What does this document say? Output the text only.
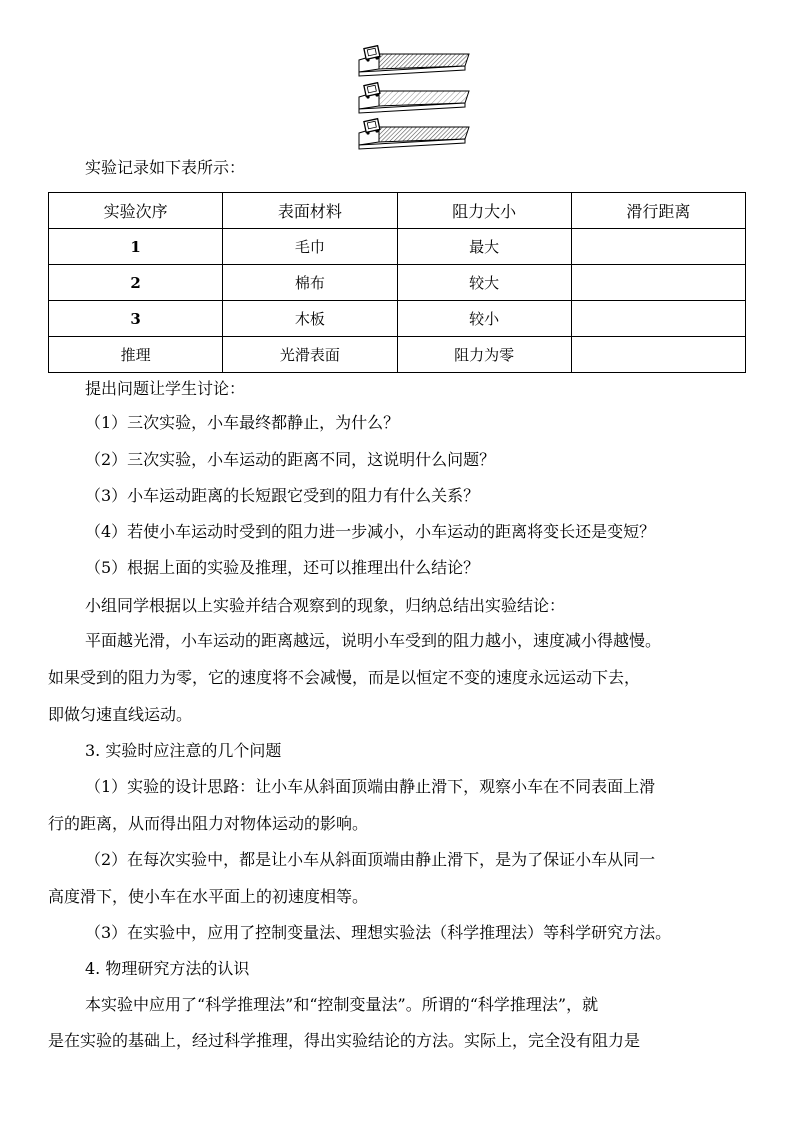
实验记录如下表所示：
实验次序	表面材料	阻力大小	滑行距离
1	毛巾	最大	
2	棉布	较大	
3	木板	较小	
推理	光滑表面	阻力为零	
提出问题让学生讨论：
（1）三次实验，小车最终都静止，为什么？
（2）三次实验，小车运动的距离不同，这说明什么问题？
（3）小车运动距离的长短跟它受到的阻力有什么关系？
（4）若使小车运动时受到的阻力进一步减小，小车运动的距离将变长还是变短？
（5）根据上面的实验及推理，还可以推理出什么结论？
小组同学根据以上实验并结合观察到的现象，归纳总结出实验结论：
平面越光滑，小车运动的距离越远，说明小车受到的阻力越小，速度减小得越慢。
如果受到的阻力为零，它的速度将不会减慢，而是以恒定不变的速度永远运动下去，
即做匀速直线运动。
3. 实验时应注意的几个问题
（1）实验的设计思路：让小车从斜面顶端由静止滑下，观察小车在不同表面上滑
行的距离，从而得出阻力对物体运动的影响。
（2）在每次实验中，都是让小车从斜面顶端由静止滑下，是为了保证小车从同一
高度滑下，使小车在水平面上的初速度相等。
（3）在实验中，应用了控制变量法、理想实验法（科学推理法）等科学研究方法。
4. 物理研究方法的认识
本实验中应用了“科学推理法”和“控制变量法”。所谓的“科学推理法”，就
是在实验的基础上，经过科学推理，得出实验结论的方法。实际上，完全没有阻力是
